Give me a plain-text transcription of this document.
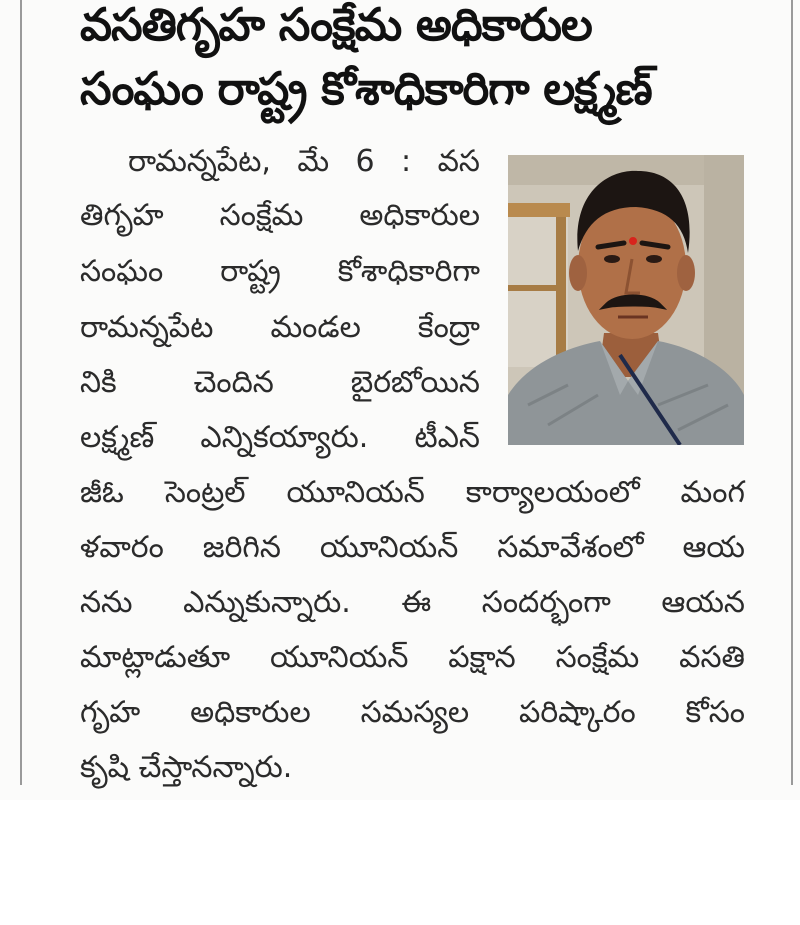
వసతిగృహ సంక్షేమ అధికారుల
సంఘం రాష్ట్ర కోశాధికారిగా లక్ష్మణ్
రామన్నపేట, మే 6 : వస
తిగృహ సంక్షేమ అధికారుల
సంఘం రాష్ట్ర కోశాధికారిగా
రామన్నపేట మండల కేంద్రా
నికి చెందిన బైరబోయిన
లక్ష్మణ్ ఎన్నికయ్యారు. టీఎన్
జీఓ సెంట్రల్ యూనియన్ కార్యాలయంలో మంగ
ళవారం జరిగిన యూనియన్ సమావేశంలో ఆయ
నను ఎన్నుకున్నారు. ఈ సందర్భంగా ఆయన
మాట్లాడుతూ యూనియన్ పక్షాన సంక్షేమ వసతి
గృహ అధికారుల సమస్యల పరిష్కారం కోసం
కృషి చేస్తానన్నారు.
